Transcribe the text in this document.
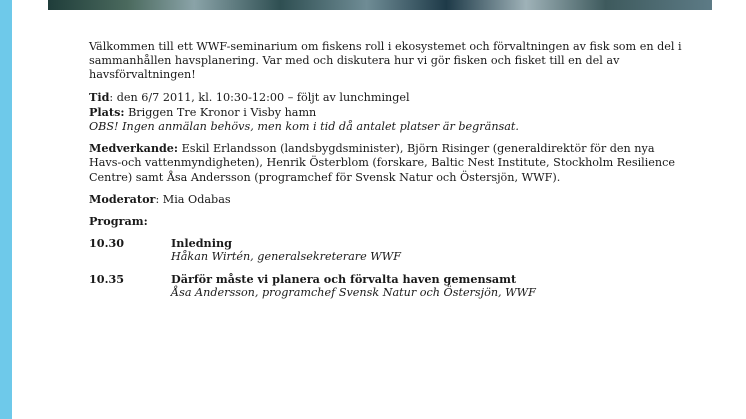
Välkommen till ett WWF-seminarium om fiskens roll i ekosystemet och förvaltningen av fisk som en del i sammanhållen havsplanering. Var med och diskutera hur vi gör fisken och fisket till en del av havsförvaltningen!

Tid: den 6/7 2011, kl. 10:30-12:00 – följt av lunchmingel

Plats: Briggen Tre Kronor i Visby hamn

OBS! Ingen anmälan behövs, men kom i tid då antalet platser är begränsat.

Medverkande: Eskil Erlandsson (landsbygdsminister), Björn Risinger (generaldirektör för den nya Havs-och vattenmyndigheten), Henrik Österblom (forskare, Baltic Nest Institute, Stockholm Resilience Centre) samt Åsa Andersson (programchef för Svensk Natur och Östersjön, WWF).

Moderator: Mia Odabas

Program:

10.30	Inledning
Håkan Wirtén, generalsekreterare WWF
10.35	Därför måste vi planera och förvalta haven gemensamt
Åsa Andersson, programchef Svensk Natur och Östersjön, WWF
